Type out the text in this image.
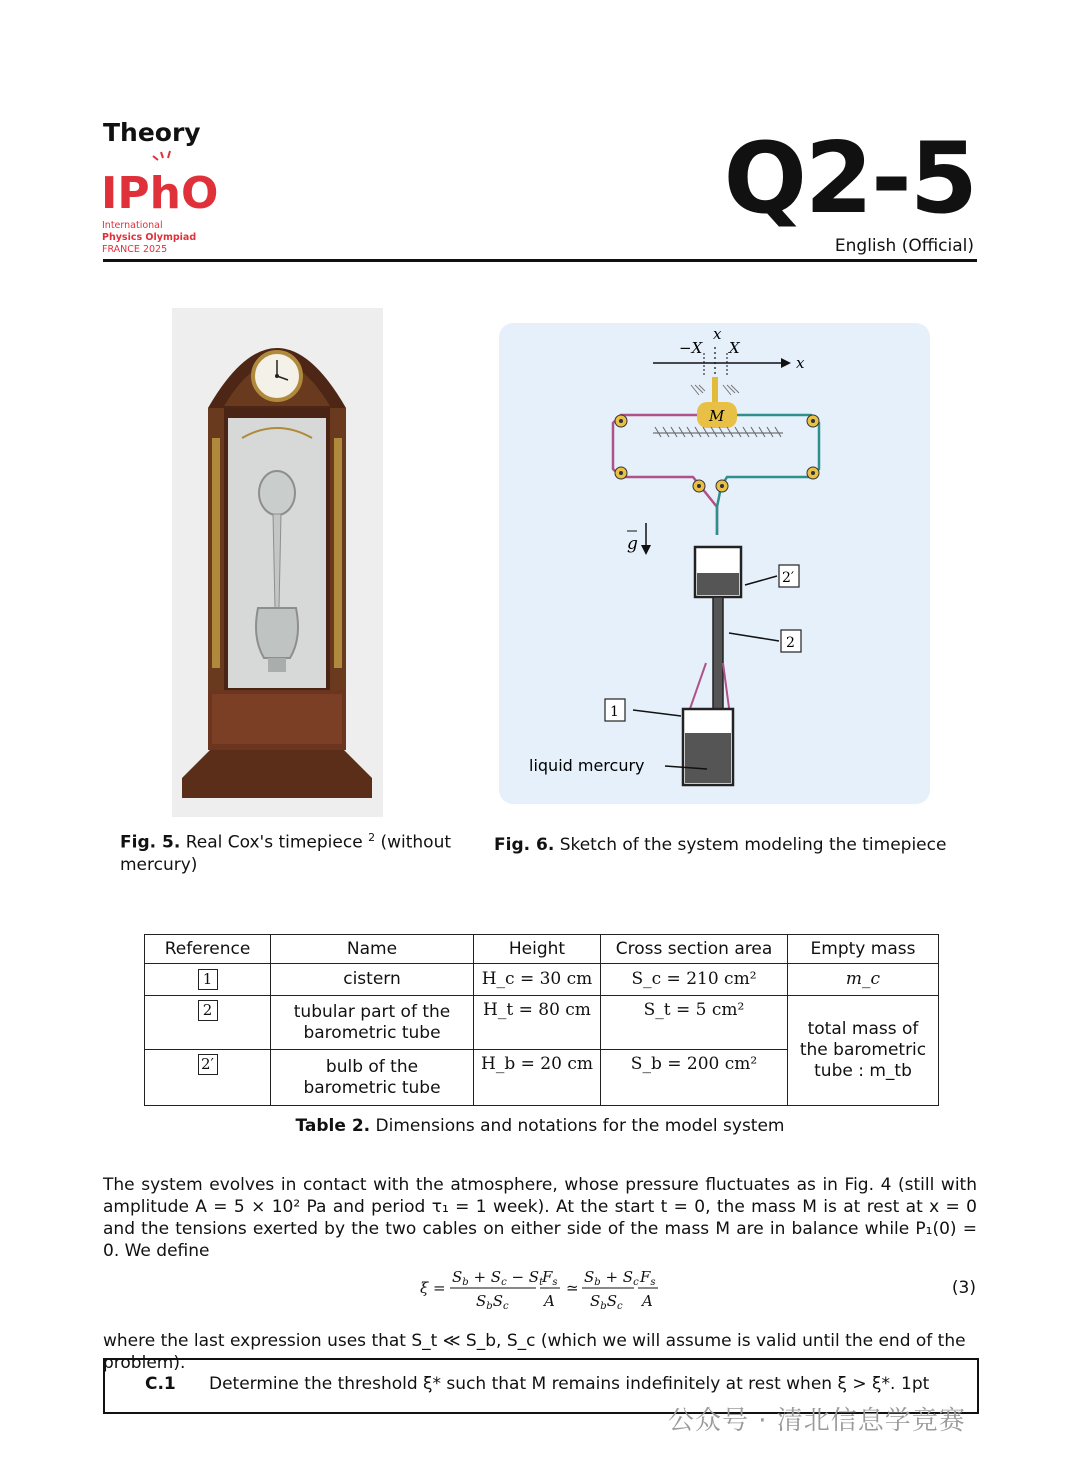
Theory
IPhO
International
Physics Olympiad
FRANCE 2025
Q2-5
English (Official)
x
x
−X X
M
g
2′
2
1
liquid mercury
Fig. 5. Real Cox's timepiece $^2$ (without mercury)
Fig. 6. Sketch of the system modeling the timepiece
Reference	Name	Height	Cross section area	Empty mass
1	cistern	H_c = 30 cm	S_c = 210 cm²	m_c
2	tubular part of the barometric tube	H_t = 80 cm	S_t = 5 cm²	total mass of the barometric tube : m_tb
2′	bulb of the barometric tube	H_b = 20 cm	S_b = 200 cm²	
Table 2. Dimensions and notations for the model system
The system evolves in contact with the atmosphere, whose pressure fluctuates as in Fig. 4 (still with amplitude A = 5 × 10² Pa and period τ₁ = 1 week). At the start t = 0, the mass M is at rest at x = 0 and the tensions exerted by the two cables on either side of the mass M are in balance while P₁(0) = 0. We define
ξ =
$S_b + S_c - S_t$
$S_bS_c$
$F_s$
A
≃
$S_b + S_c$
$S_bS_c$
$F_s$
A
(3)
where the last expression uses that S_t ≪ S_b, S_c (which we will assume is valid until the end of the problem).
C.1 Determine the threshold ξ* such that M remains indefinitely at rest when ξ > ξ*. 1pt
公众号 · 清北信息学竞赛
